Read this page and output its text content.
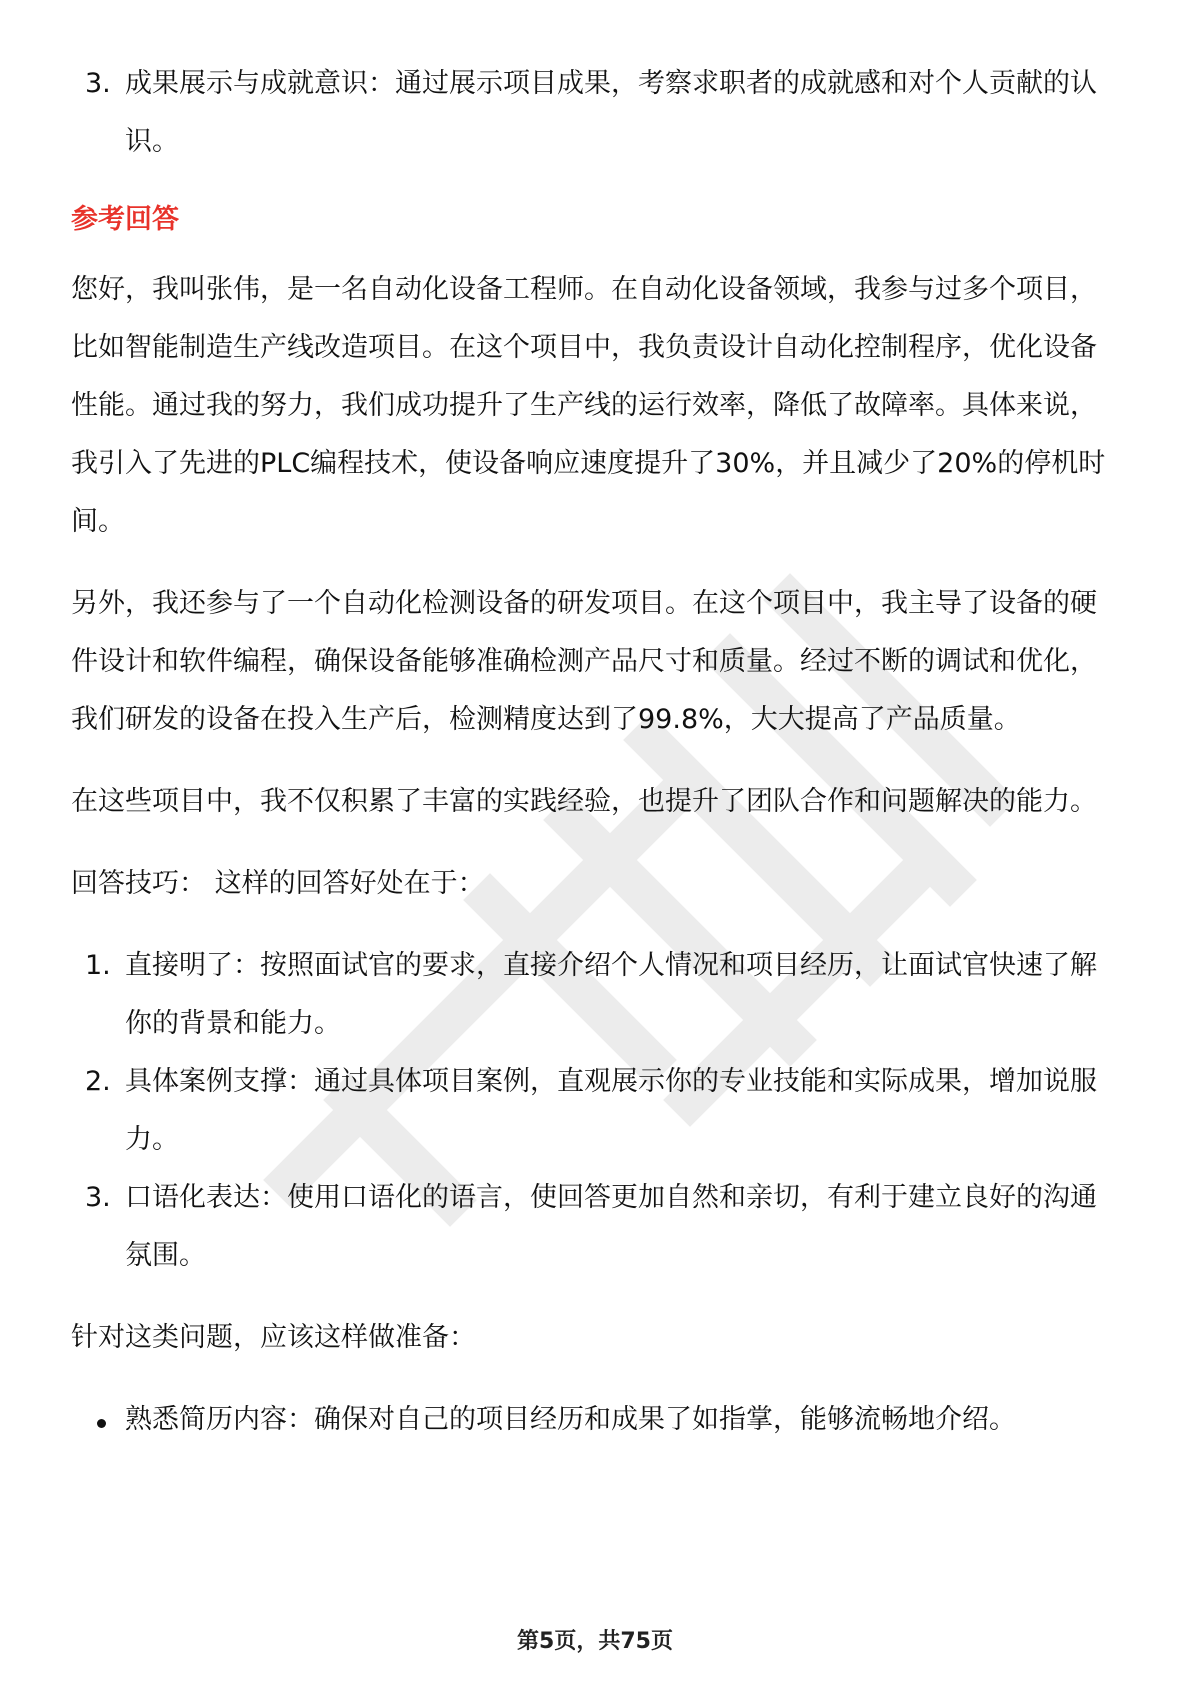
3. 成果展示与成就意识：通过展示项目成果，考察求职者的成就感和对个人贡献的认识。
参考回答

您好，我叫张伟，是一名自动化设备工程师。在自动化设备领域，我参与过多个项目，比如智能制造生产线改造项目。在这个项目中，我负责设计自动化控制程序，优化设备性能。通过我的努力，我们成功提升了生产线的运行效率，降低了故障率。具体来说，我引入了先进的PLC编程技术，使设备响应速度提升了30%，并且减少了20%的停机时间。

另外，我还参与了一个自动化检测设备的研发项目。在这个项目中，我主导了设备的硬件设计和软件编程，确保设备能够准确检测产品尺寸和质量。经过不断的调试和优化，我们研发的设备在投入生产后，检测精度达到了99.8%，大大提高了产品质量。

在这些项目中，我不仅积累了丰富的实践经验，也提升了团队合作和问题解决的能力。

回答技巧： 这样的回答好处在于：

1. 直接明了：按照面试官的要求，直接介绍个人情况和项目经历，让面试官快速了解你的背景和能力。
2. 具体案例支撑：通过具体项目案例，直观展示你的专业技能和实际成果，增加说服力。
3. 口语化表达：使用口语化的语言，使回答更加自然和亲切，有利于建立良好的沟通氛围。

针对这类问题，应该这样做准备：

熟悉简历内容：确保对自己的项目经历和成果了如指掌，能够流畅地介绍。
第5页，共75页
